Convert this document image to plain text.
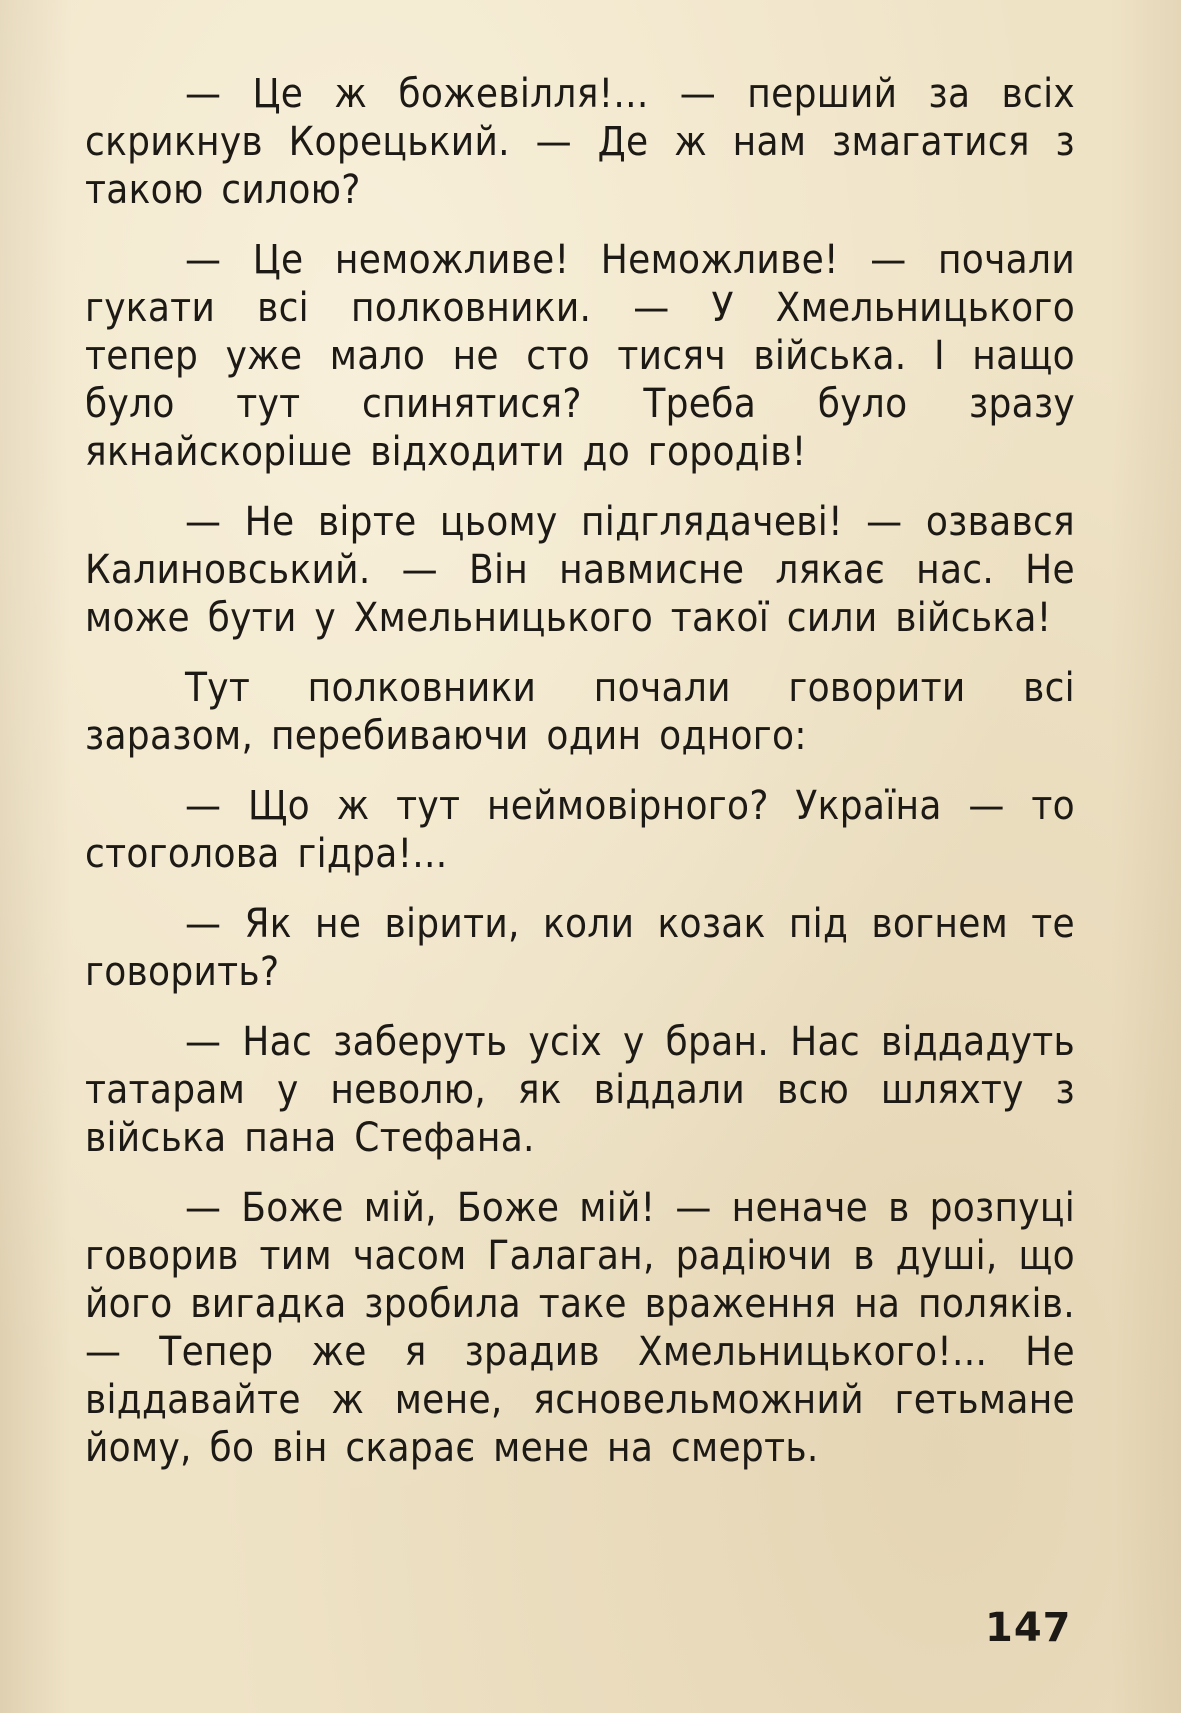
— Це ж божевілля!... — перший за всіх скрикнув Корецький. — Де ж нам змагатися з такою силою?

— Це неможливе! Неможливе! — почали гукати всі полковники. — У Хмельницького тепер уже мало не сто тисяч війська. І нащо було тут спинятися? Треба було зразу якнайскоріше відходити до городів!

— Не вірте цьому підглядачеві! — озвався Калиновський. — Він навмисне лякає нас. Не може бути у Хмельницького такої сили війська!

Тут полковники почали говорити всі заразом, перебиваючи один одного:

— Що ж тут неймовірного? Україна — то стоголова гідра!...

— Як не вірити, коли козак під вогнем те говорить?

— Нас заберуть усіх у бран. Нас віддадуть татарам у неволю, як віддали всю шляхту з війська пана Стефана.

— Боже мій, Боже мій! — неначе в розпуці говорив тим часом Галаган, радіючи в душі, що його вигадка зробила таке враження на поляків. — Тепер же я зрадив Хмельницького!... Не віддавайте ж мене, ясновельможний гетьмане йому, бо він скарає мене на смерть.

147
